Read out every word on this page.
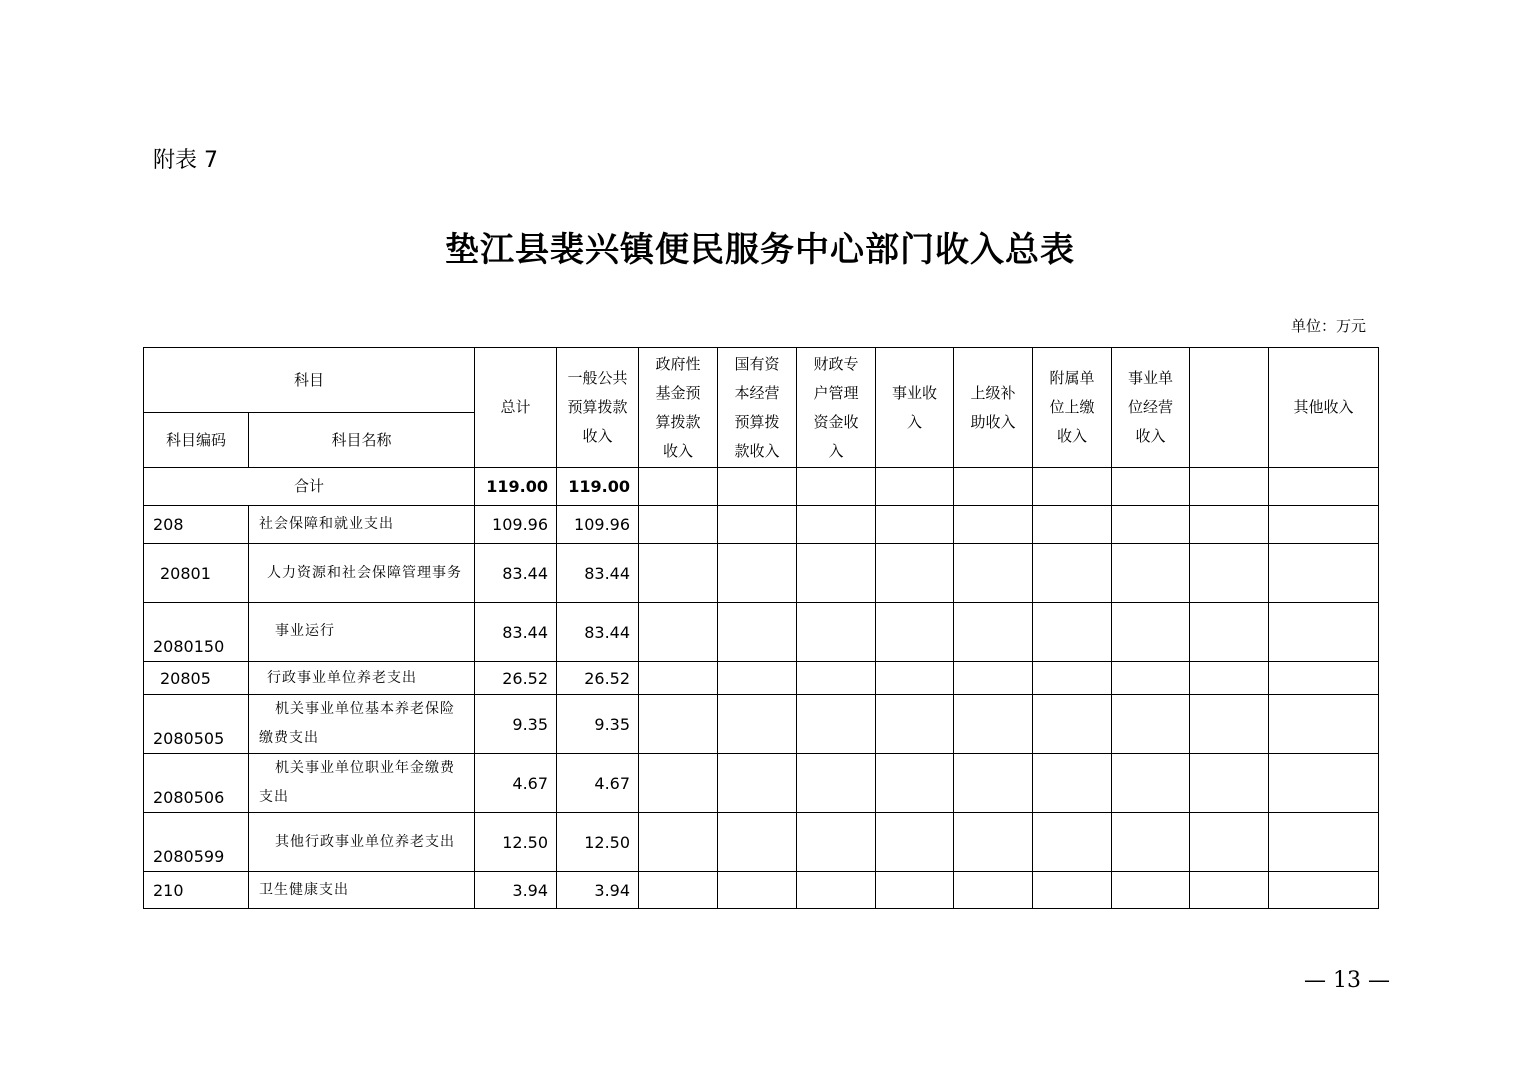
附表 7
垫江县裴兴镇便民服务中心部门收入总表
单位：万元
科目		总计	一般公共预算拨款收入	政府性基金预算拨款收入	国有资本经营预算拨款收入	财政专户管理资金收入	事业收入	上级补助收入	附属单位上缴收入	事业单位经营收入		其他收入
科目编码	科目名称											
合计		119.00	119.00									
208	社会保障和就业支出	109.96	109.96									
20801	人力资源和社会保障管理事务	83.44	83.44									
2080150	事业运行	83.44	83.44									
20805	行政事业单位养老支出	26.52	26.52									
2080505	机关事业单位基本养老保险缴费支出	9.35	9.35									
2080506	机关事业单位职业年金缴费支出	4.67	4.67									
2080599	其他行政事业单位养老支出	12.50	12.50									
210	卫生健康支出	3.94	3.94									
— 13 —
